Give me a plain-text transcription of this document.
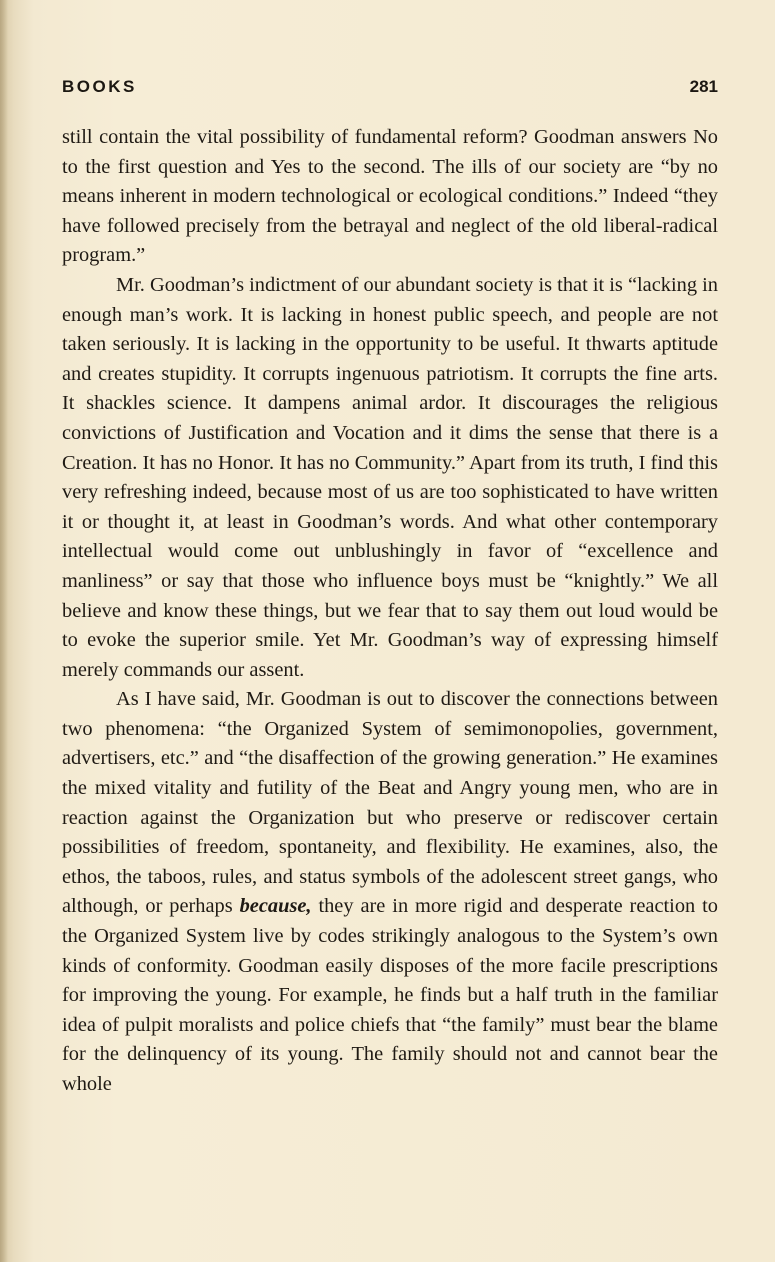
BOOKS	281

still contain the vital possibility of fundamental reform? Goodman answers No to the first question and Yes to the second. The ills of our society are “by no means inherent in modern technological or ecological conditions.” Indeed “they have followed precisely from the betrayal and neglect of the old liberal-radical program.”

Mr. Goodman’s indictment of our abundant society is that it is “lacking in enough man’s work. It is lacking in honest public speech, and people are not taken seriously. It is lacking in the opportunity to be useful. It thwarts aptitude and creates stupidity. It corrupts ingenuous patriotism. It corrupts the fine arts. It shackles science. It dampens animal ardor. It discourages the religious convictions of Justification and Vocation and it dims the sense that there is a Creation. It has no Honor. It has no Community.” Apart from its truth, I find this very refreshing indeed, because most of us are too sophisticated to have written it or thought it, at least in Goodman’s words. And what other contemporary intellectual would come out unblushingly in favor of “excellence and manliness” or say that those who influence boys must be “knightly.” We all believe and know these things, but we fear that to say them out loud would be to evoke the superior smile. Yet Mr. Goodman’s way of expressing himself merely commands our assent.

As I have said, Mr. Goodman is out to discover the connections between two phenomena: “the Organized System of semimonopolies, government, advertisers, etc.” and “the disaffection of the growing generation.” He examines the mixed vitality and futility of the Beat and Angry young men, who are in reaction against the Organization but who preserve or rediscover certain possibilities of freedom, spontaneity, and flexibility. He examines, also, the ethos, the taboos, rules, and status symbols of the adolescent street gangs, who although, or perhaps because, they are in more rigid and desperate reaction to the Organized System live by codes strikingly analogous to the System’s own kinds of conformity. Goodman easily disposes of the more facile prescriptions for improving the young. For example, he finds but a half truth in the familiar idea of pulpit moralists and police chiefs that “the family” must bear the blame for the delinquency of its young. The family should not and cannot bear the whole
